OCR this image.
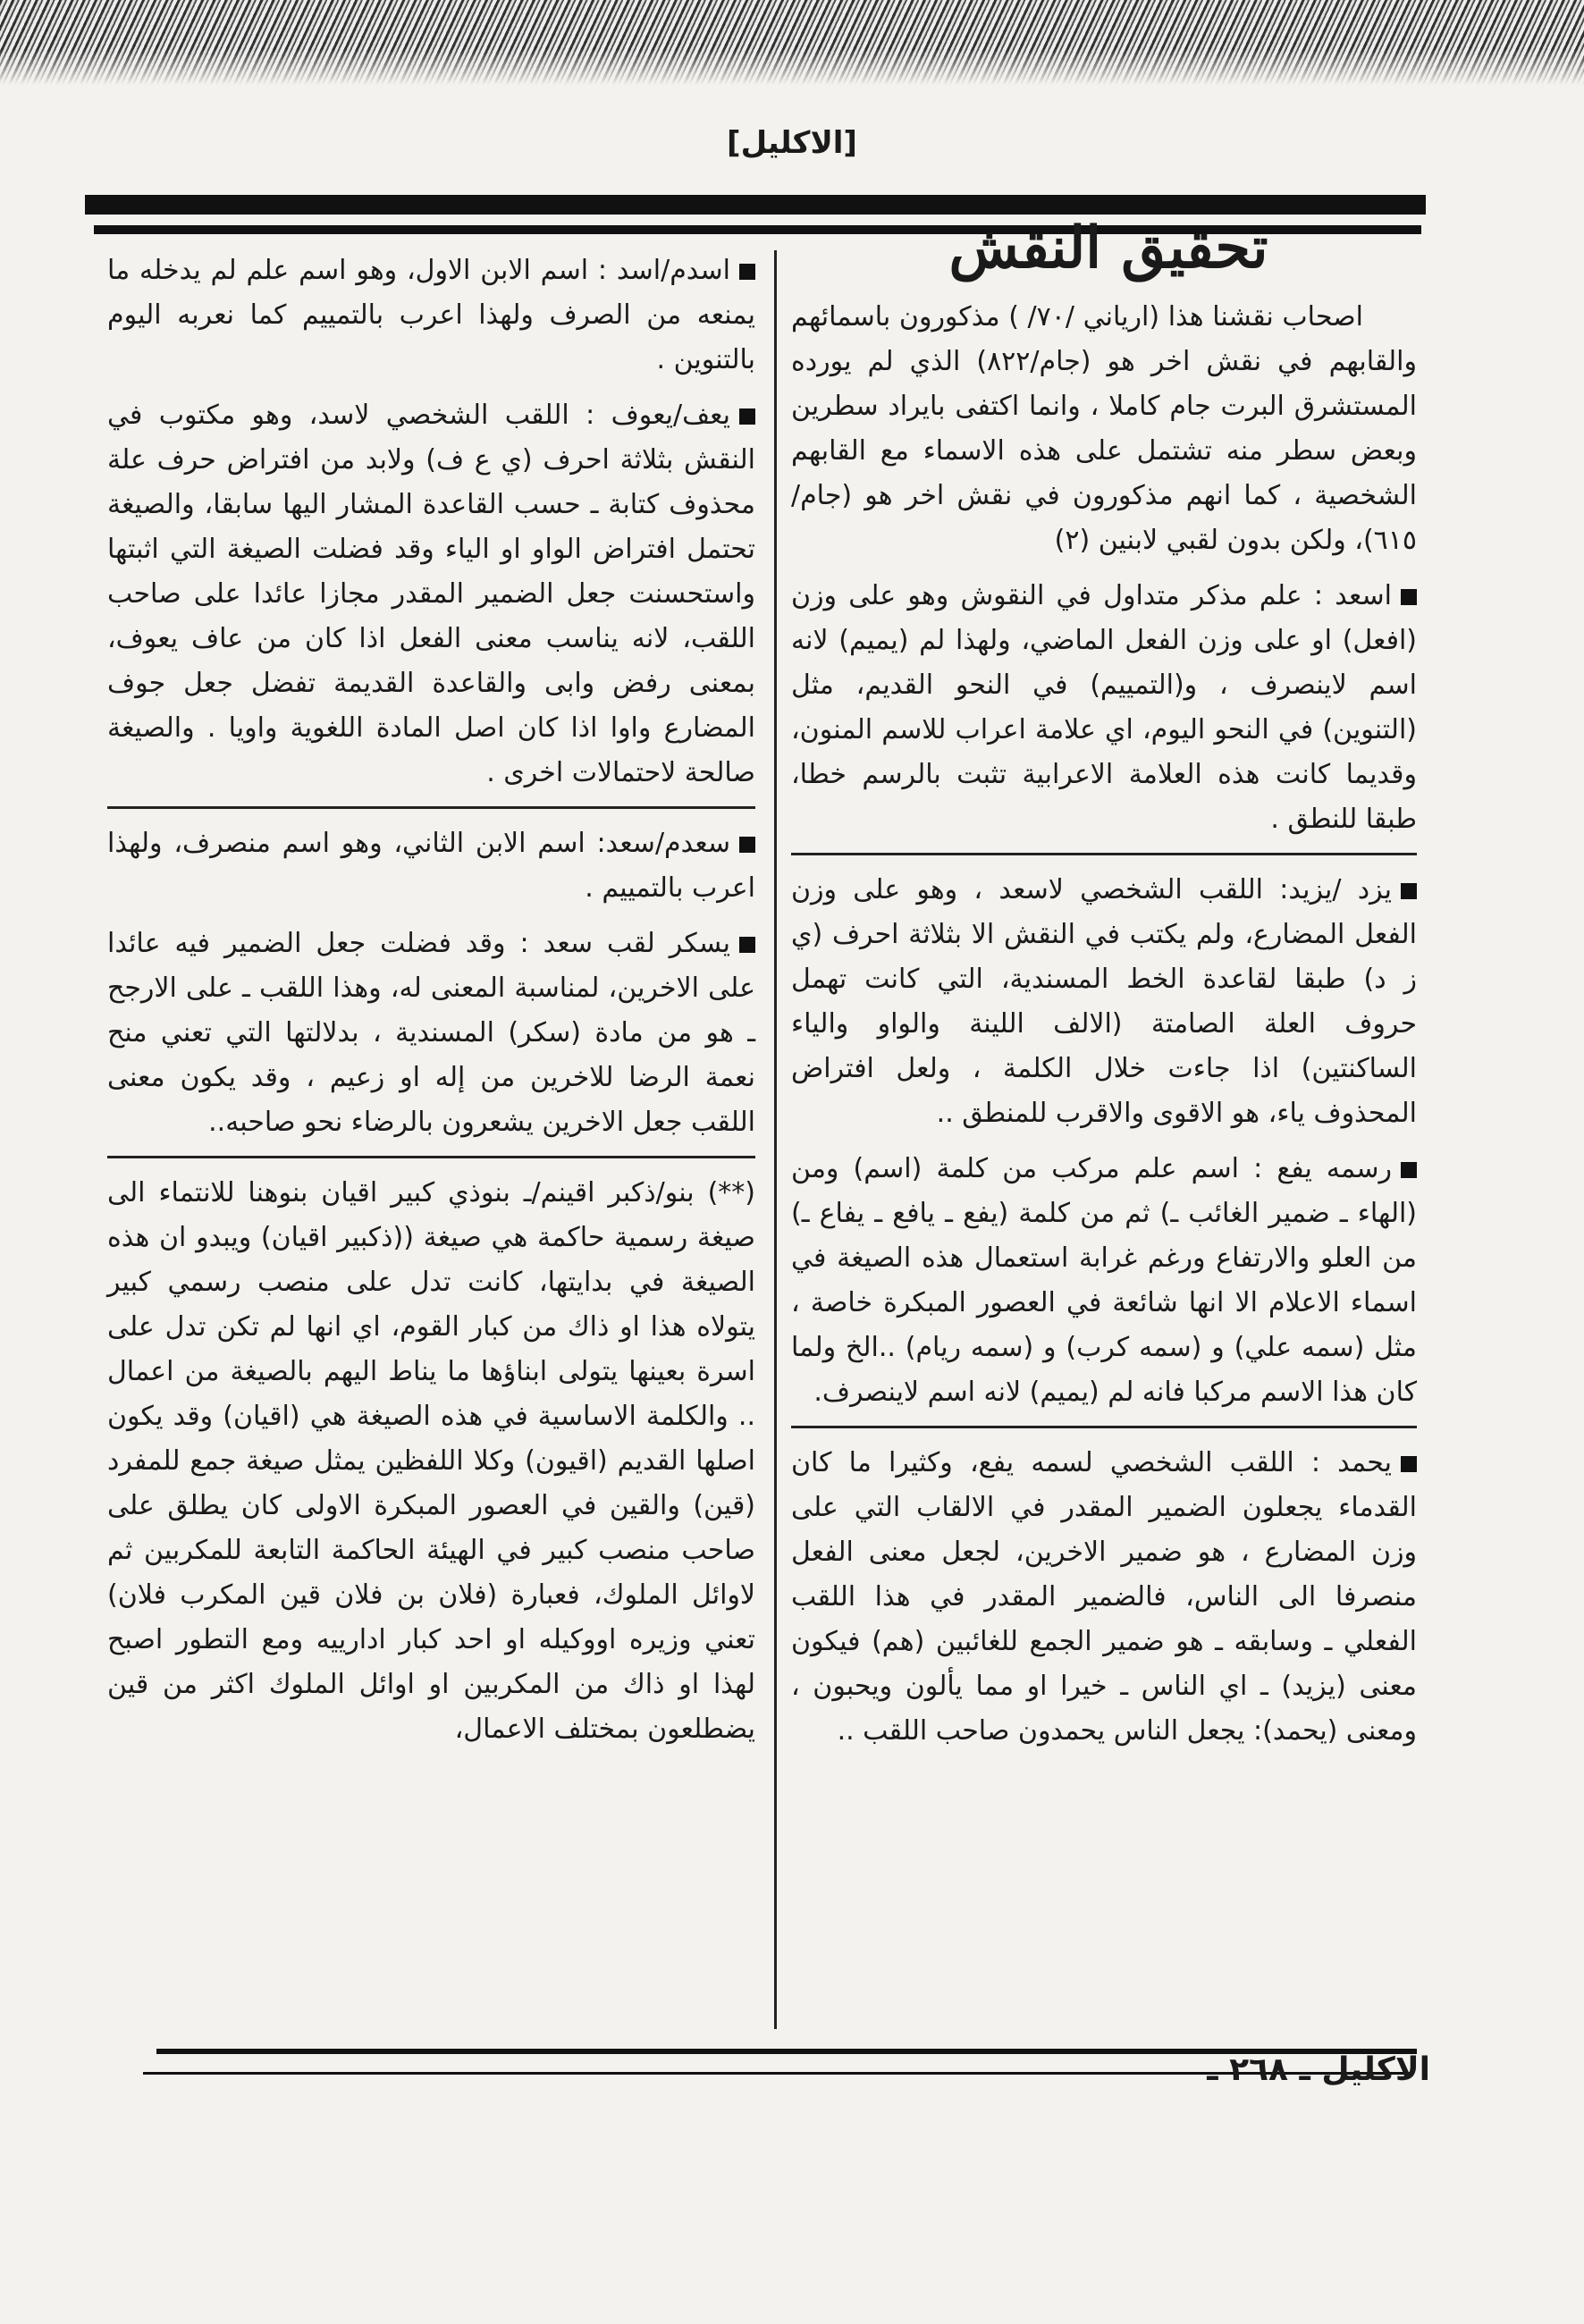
[الاكليل]
تحقيق النقش

اصحاب نقشنا هذا (ارياني /٧٠/ ) مذكورون باسمائهم والقابهم في نقش اخر هو (جام/٨٢٢) الذي لم يورده المستشرق البرت جام كاملا ، وانما اكتفى بايراد سطرين وبعض سطر منه تشتمل على هذه الاسماء مع القابهم الشخصية ، كما انهم مذكورون في نقش اخر هو (جام/٦١٥)، ولكن بدون لقبي لابنين (٢)

اسعد : علم مذكر متداول في النقوش وهو على وزن (افعل) او على وزن الفعل الماضي، ولهذا لم (يميم) لانه اسم لاينصرف ، و(التمييم) في النحو القديم، مثل (التنوين) في النحو اليوم، اي علامة اعراب للاسم المنون، وقديما كانت هذه العلامة الاعرابية تثبت بالرسم خطا، طبقا للنطق .

يزد /يزيد: اللقب الشخصي لاسعد ، وهو على وزن الفعل المضارع، ولم يكتب في النقش الا بثلاثة احرف (ي ز د) طبقا لقاعدة الخط المسندية، التي كانت تهمل حروف العلة الصامتة (الالف اللينة والواو والياء الساكنتين) اذا جاءت خلال الكلمة ، ولعل افتراض المحذوف ياء، هو الاقوى والاقرب للمنطق ..

رسمه يفع : اسم علم مركب من كلمة (اسم) ومن (الهاء ـ ضمير الغائب ـ) ثم من كلمة (يفع ـ يافع ـ يفاع ـ) من العلو والارتفاع ورغم غرابة استعمال هذه الصيغة في اسماء الاعلام الا انها شائعة في العصور المبكرة خاصة ، مثل (سمه علي) و (سمه كرب) و (سمه ريام) ..الخ ولما كان هذا الاسم مركبا فانه لم (يميم) لانه اسم لاينصرف.

يحمد : اللقب الشخصي لسمه يفع، وكثيرا ما كان القدماء يجعلون الضمير المقدر في الالقاب التي على وزن المضارع ، هو ضمير الاخرين، لجعل معنى الفعل منصرفا الى الناس، فالضمير المقدر في هذا اللقب الفعلي ـ وسابقه ـ هو ضمير الجمع للغائبين (هم) فيكون معنى (يزيد) ـ اي الناس ـ خيرا او مما يألون ويحبون ، ومعنى (يحمد): يجعل الناس يحمدون صاحب اللقب ..

اسدم/اسد : اسم الابن الاول، وهو اسم علم لم يدخله ما يمنعه من الصرف ولهذا اعرب بالتمييم كما نعربه اليوم بالتنوين .

يعف/يعوف : اللقب الشخصي لاسد، وهو مكتوب في النقش بثلاثة احرف (ي ع ف) ولابد من افتراض حرف علة محذوف كتابة ـ حسب القاعدة المشار اليها سابقا، والصيغة تحتمل افتراض الواو او الياء وقد فضلت الصيغة التي اثبتها واستحسنت جعل الضمير المقدر مجازا عائدا على صاحب اللقب، لانه يناسب معنى الفعل اذا كان من عاف يعوف، بمعنى رفض وابى والقاعدة القديمة تفضل جعل جوف المضارع واوا اذا كان اصل المادة اللغوية واويا . والصيغة صالحة لاحتمالات اخرى .

سعدم/سعد: اسم الابن الثاني، وهو اسم منصرف، ولهذا اعرب بالتمييم .

يسكر لقب سعد : وقد فضلت جعل الضمير فيه عائدا على الاخرين، لمناسبة المعنى له، وهذا اللقب ـ على الارجح ـ هو من مادة (سكر) المسندية ، بدلالتها التي تعني منح نعمة الرضا للاخرين من إله او زعيم ، وقد يكون معنى اللقب جعل الاخرين يشعرون بالرضاء نحو صاحبه..

(**) بنو/ذكبر اقينم/ـ بنوذي كبير اقيان بنوهنا للانتماء الى صيغة رسمية حاكمة هي صيغة ((ذكبير اقيان) ويبدو ان هذه الصيغة في بدايتها، كانت تدل على منصب رسمي كبير يتولاه هذا او ذاك من كبار القوم، اي انها لم تكن تدل على اسرة بعينها يتولى ابناؤها ما يناط اليهم بالصيغة من اعمال .. والكلمة الاساسية في هذه الصيغة هي (اقيان) وقد يكون اصلها القديم (اقيون) وكلا اللفظين يمثل صيغة جمع للمفرد (قين) والقين في العصور المبكرة الاولى كان يطلق على صاحب منصب كبير في الهيئة الحاكمة التابعة للمكربين ثم لاوائل الملوك، فعبارة (فلان بن فلان قين المكرب فلان) تعني وزيره اووكيله او احد كبار ادارييه ومع التطور اصبح لهذا او ذاك من المكربين او اوائل الملوك اكثر من قين يضطلعون بمختلف الاعمال،

الاكليل ـ ٢٦٨ ـ
